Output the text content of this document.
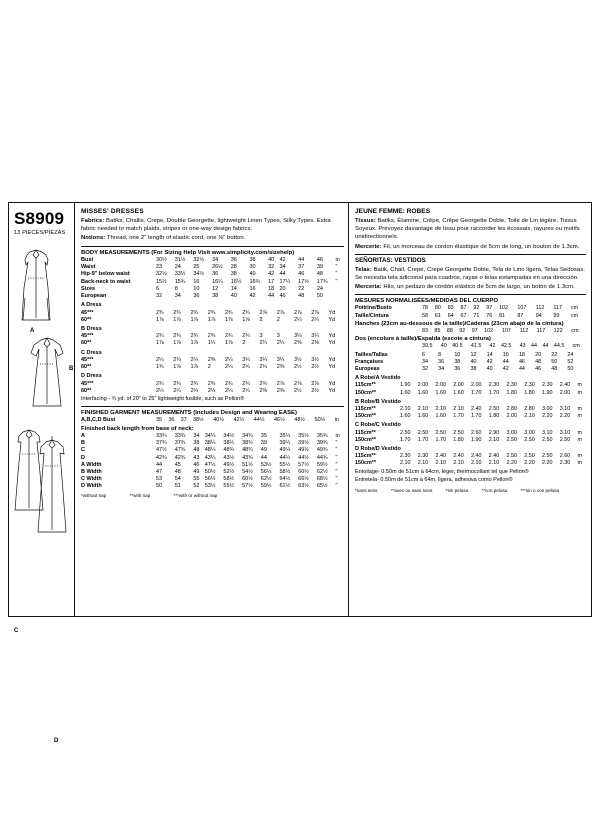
S8909
13 PIECES/PIEZAS
A
B
C
D
MISSES' DRESSES
Fabrics: Batiks, Challis, Crepe, Double Georgette, lightweight Linen Types, Silky Types. Extra fabric needed to match plaids, stripes or one-way design fabrics.
Notions: Thread, one 2" length of elastic cord, one ⅜" button.
BODY MEASUREMENTS (For Sizing Help Visit www.simplicity.com/sizehelp)
Bust	30½	31½	32½	34	36	38	40	42	44	46	in
Waist	23	24	25	26½	28	30	32	34	37	39	"
Hip-9" below waist	32½	33½	34½	36	38	40	42	44	46	48	"
Back-neck to waist	15½	15¾	16	16¼	16½	16¾	17	17¼	17½	17¾	"
Sizes	6	8	10	12	14	16	18	20	22	24	
European	32	34	36	38	40	42	44	46	48	50	
A Dress
45***	2¾	2¾	2¾	2¾	2¾	2¾	2⅞	2⅞	2⅞	2⅞	Yd
60**	1⅞	1⅞	1⅞	1⅞	1⅞	1⅞	2	2	2¼	2¼	Yd
B Dress
45***	2¾	2¾	2¾	2¾	2¾	2¾	3	3	3¼	3¼	Yd
60**	1⅞	1⅞	1⅞	1¼	1⅞	2	2¼	2¼	2⅜	2⅜	Yd
C Dress
45***	2¼	2¼	2¼	2⅜	2¼	3¼	3¼	3¼	3½	3½	Yd
60**	1¾	1⅞	1⅞	2	2¼	2¼	2¼	2⅜	2½	2½	Yd
D Dress
45***	2¾	2¾	2¾	2¾	2¾	2¾	2¾	2⅞	2⅞	2⅞	Yd
60**	2¼	2¼	2¼	2¼	2¼	2¼	2⅜	2⅜	2½	2½	Yd
Interfacing - ¾ yd. of 20" to 25" lightweight fusible, such as Pellon®
FINISHED GARMENT MEASUREMENTS (Includes Design and Wearing EASE)
A,B,C,D Bust	35	36	37	38½	40½	42½	44½	46½	48½	50½	in
Finished back length from base of neck:
A	33¾	33¾	34	34¼	34½	34¾	35	35¼	35½	35¾	in
B	37¾	37¾	38	38¼	38½	38¾	39	39¼	39½	39¾	"
C	47½	47¾	48	48¼	48¾	48¾	49	49¼	49½	49¾	"
D	42¾	42¾	43	43¼	43½	43¾	44	44¼	44½	44¾	"
A Width	44	45	46	47½	49½	51½	53½	55½	57½	59½	"
B Width	47	48	49	50½	52½	54½	56½	58½	60½	62½	"
C Width	53	54	55	56½	58½	60½	62½	64½	66½	68½	"
D Width	50	51	52	53½	55½	57½	59½	61½	63½	65½	"
*without nap	**with nap	***with or without nap
JEUNE FEMME: ROBES
Tissus: Batiks, Étamine, Crêpe, Crêpe Georgette Doble, Toile de Lin légère, Tissus Soyeux. Prévoyez davantage de tissu pour raccorder les écossais, rayures ou motifs unidirectionnels.
Mercerie: Fil, un morceau de cordon élastique de 5cm de long, un bouton de 1.3cm.
SEÑORITAS: VESTIDOS
Telas: Batik, Chall, Crepé, Crepé Georgette Doble, Tela de Lino ligera, Telas Sedosas. Se necesita tela adicional para cuadros, rayas o telas estampadas en una dirección.
Merceria: Hilo, un pedazo de cordón elástico de 5cm de largo, un botón de 1.3cm.
MESURES NORMALISÉES/MEDIDAS DEL CUERPO
Poitrine/Busto	78	80	83	87	92	97	102	107	112	117	cm
Taille/Cintura	58	61	64	67	71	76	81	87	94	99	cm
Hanches (23cm au-dessous de la taille)/Caderas (23cm abajo de la cintura)
	83	85	88	92	97	102	107	112	117	122	cm
Dos (encolure à taille)/Espalda (escote a cintura)
	39.5	40	40.5	41.5	42	42.5	43	44	44	44.5	cm
Tailles/Tallas	6	8	10	12	14	16	18	20	22	24	
Françaises	34	36	38	40	42	44	46	48	50	52	
Europeas	32	34	36	38	40	42	44	46	48	50	
A Robe/A Vestido
115cm**	1.90	2.00	2.00	2.00	2.00	2.30	2.30	2.30	2.30	2.40	m
150cm**	1.60	1.60	1.60	1.60	1.70	1.70	1.80	1.80	1.90	2.00	m
B Robe/B Vestido
115cm**	2.10	2.10	2.10	2.10	2.40	2.50	2.80	2.80	3.00	3.10	m
150cm**	1.60	1.60	1.60	1.70	1.70	1.80	2.00	2.10	2.20	2.20	m
C Robe/C Vestido
115cm**	2.50	2.50	2.50	2.50	2.60	2.90	3.00	3.00	3.10	3.10	m
150cm**	1.70	1.70	1.70	1.80	1.90	2.10	2.50	2.50	2.50	2.50	m
D Robe/D Vestido
115cm**	2.30	2.30	2.40	2.40	2.40	2.40	2.50	2.50	2.50	2.60	m
150cm**	2.10	2.10	2.10	2.10	2.10	2.10	2.20	2.20	2.20	2.30	m
Entoilage- 0.50m de 51cm à 64cm, léger, thermocollant tel que Pellon®
Entretela- 0.50m de 51cm a 64m, ligera, adhesiva como Pellon®
*sans sens	**avec ou sans sens	*sin pelusa	**con pelusa	***sin o con pelusa
